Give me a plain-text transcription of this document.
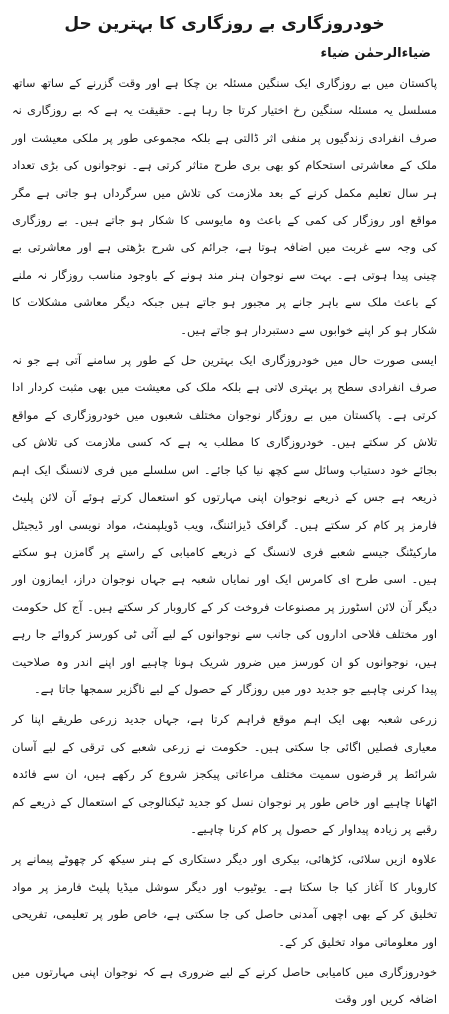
خودروزگاری بے روزگاری کا بہترین حل
ضیاءالرحمٰن ضیاء

پاکستان میں بے روزگاری ایک سنگین مسئلہ بن چکا ہے اور وقت گزرنے کے ساتھ ساتھ مسلسل یہ مسئلہ سنگین رخ اختیار کرتا جا رہا ہے۔ حقیقت یہ ہے کہ بے روزگاری نہ صرف انفرادی زندگیوں پر منفی اثر ڈالتی ہے بلکہ مجموعی طور پر ملکی معیشت اور ملک کے معاشرتی استحکام کو بھی بری طرح متاثر کرتی ہے۔ نوجوانوں کی بڑی تعداد ہر سال تعلیم مکمل کرنے کے بعد ملازمت کی تلاش میں سرگرداں ہو جاتی ہے مگر مواقع اور روزگار کی کمی کے باعث وہ مایوسی کا شکار ہو جاتے ہیں۔ بے روزگاری کی وجہ سے غربت میں اضافہ ہوتا ہے، جرائم کی شرح بڑھتی ہے اور معاشرتی بے چینی پیدا ہوتی ہے۔ بہت سے نوجوان ہنر مند ہونے کے باوجود مناسب روزگار نہ ملنے کے باعث ملک سے باہر جانے پر مجبور ہو جاتے ہیں جبکہ دیگر معاشی مشکلات کا شکار ہو کر اپنے خوابوں سے دستبردار ہو جاتے ہیں۔

ایسی صورت حال میں خودروزگاری ایک بہترین حل کے طور پر سامنے آتی ہے جو نہ صرف انفرادی سطح پر بہتری لاتی ہے بلکہ ملک کی معیشت میں بھی مثبت کردار ادا کرتی ہے۔ پاکستان میں بے روزگار نوجوان مختلف شعبوں میں خودروزگاری کے مواقع تلاش کر سکتے ہیں۔ خودروزگاری کا مطلب یہ ہے کہ کسی ملازمت کی تلاش کی بجائے خود دستیاب وسائل سے کچھ نیا کیا جائے۔ اس سلسلے میں فری لانسنگ ایک اہم ذریعہ ہے جس کے ذریعے نوجوان اپنی مہارتوں کو استعمال کرتے ہوئے آن لائن پلیٹ فارمز پر کام کر سکتے ہیں۔ گرافک ڈیزائننگ، ویب ڈویلپمنٹ، مواد نویسی اور ڈیجیٹل مارکیٹنگ جیسے شعبے فری لانسنگ کے ذریعے کامیابی کے راستے پر گامزن ہو سکتے ہیں۔ اسی طرح ای کامرس ایک اور نمایاں شعبہ ہے جہاں نوجوان دراز، ایمازون اور دیگر آن لائن اسٹورز پر مصنوعات فروخت کر کے کاروبار کر سکتے ہیں۔ آج کل حکومت اور مختلف فلاحی اداروں کی جانب سے نوجوانوں کے لیے آئی ٹی کورسز کروائے جا رہے ہیں، نوجوانوں کو ان کورسز میں ضرور شریک ہونا چاہیے اور اپنے اندر وہ صلاحیت پیدا کرنی چاہیے جو جدید دور میں روزگار کے حصول کے لیے ناگزیر سمجھا جاتا ہے۔

زرعی شعبہ بھی ایک اہم موقع فراہم کرتا ہے، جہاں جدید زرعی طریقے اپنا کر معیاری فصلیں اگائی جا سکتی ہیں۔ حکومت نے زرعی شعبے کی ترقی کے لیے آسان شرائط پر قرضوں سمیت مختلف مراعاتی پیکجز شروع کر رکھے ہیں، ان سے فائدہ اٹھانا چاہیے اور خاص طور پر نوجوان نسل کو جدید ٹیکنالوجی کے استعمال کے ذریعے کم رقبے پر زیادہ پیداوار کے حصول پر کام کرنا چاہیے۔

علاوہ ازیں سلائی، کڑھائی، بیکری اور دیگر دستکاری کے ہنر سیکھ کر چھوٹے پیمانے پر کاروبار کا آغاز کیا جا سکتا ہے۔ یوٹیوب اور دیگر سوشل میڈیا پلیٹ فارمز پر مواد تخلیق کر کے بھی اچھی آمدنی حاصل کی جا سکتی ہے، خاص طور پر تعلیمی، تفریحی اور معلوماتی مواد تخلیق کر کے۔

خودروزگاری میں کامیابی حاصل کرنے کے لیے ضروری ہے کہ نوجوان اپنی مہارتوں میں اضافہ کریں اور وقت
